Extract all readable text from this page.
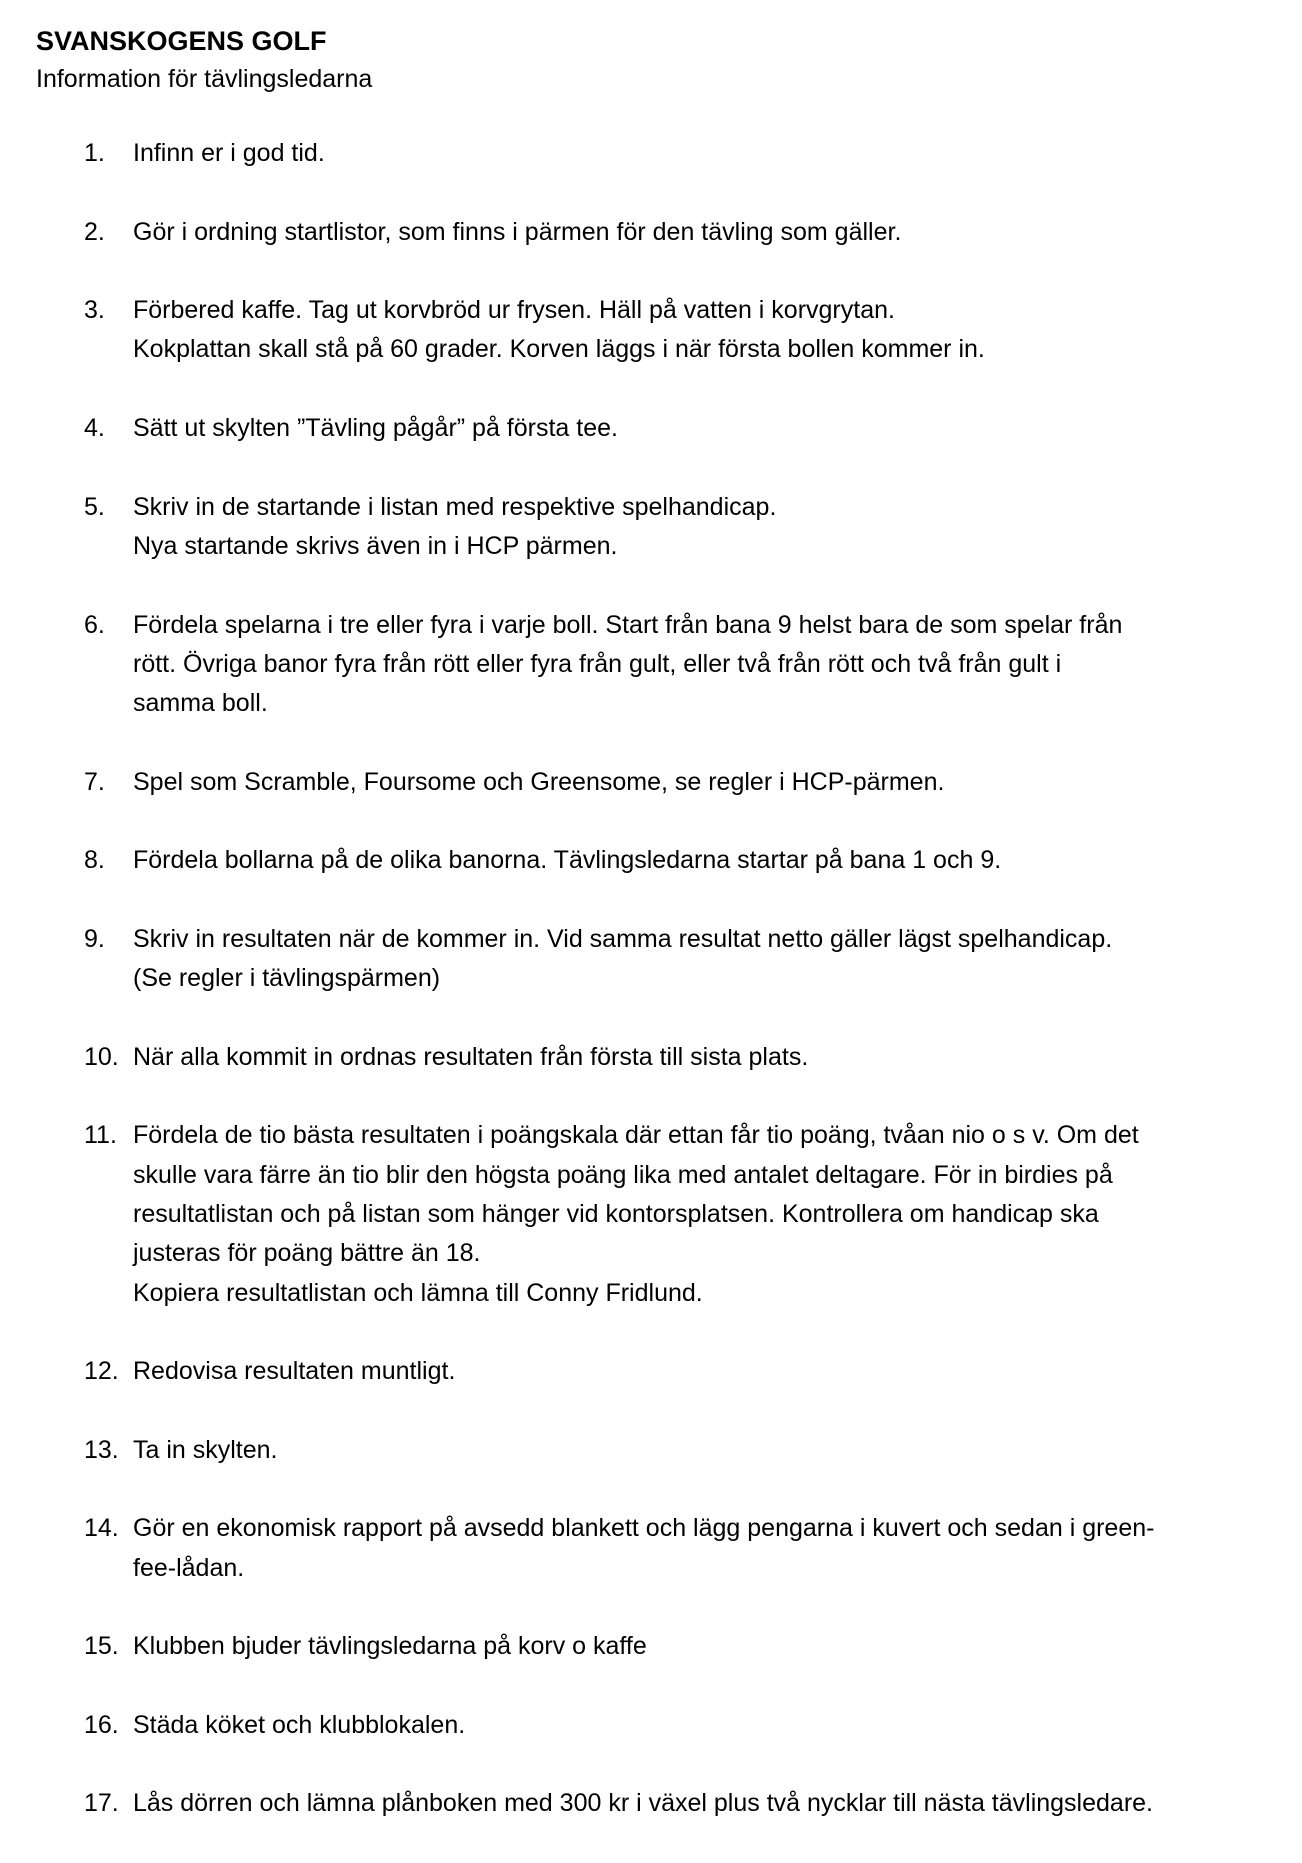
SVANSKOGENS GOLF

Information för tävlingsledarna

1. Infinn er i god tid.
2. Gör i ordning startlistor, som finns i pärmen för den tävling som gäller.
3. Förbered kaffe. Tag ut korvbröd ur frysen. Häll på vatten i korvgrytan.
Kokplattan skall stå på 60 grader. Korven läggs i när första bollen kommer in.
4. Sätt ut skylten ”Tävling pågår” på första tee.
5. Skriv in de startande i listan med respektive spelhandicap.
Nya startande skrivs även in i HCP pärmen.
6. Fördela spelarna i tre eller fyra i varje boll. Start från bana 9 helst bara de som spelar från
rött. Övriga banor fyra från rött eller fyra från gult, eller två från rött och två från gult i
samma boll.
7. Spel som Scramble, Foursome och Greensome, se regler i HCP-pärmen.
8. Fördela bollarna på de olika banorna. Tävlingsledarna startar på bana 1 och 9.
9. Skriv in resultaten när de kommer in. Vid samma resultat netto gäller lägst spelhandicap.
(Se regler i tävlingspärmen)
10. När alla kommit in ordnas resultaten från första till sista plats.
11. Fördela de tio bästa resultaten i poängskala där ettan får tio poäng, tvåan nio o s v. Om det
skulle vara färre än tio blir den högsta poäng lika med antalet deltagare. För in birdies på
resultatlistan och på listan som hänger vid kontorsplatsen. Kontrollera om handicap ska
justeras för poäng bättre än 18.
Kopiera resultatlistan och lämna till Conny Fridlund.
12. Redovisa resultaten muntligt.
13. Ta in skylten.
14. Gör en ekonomisk rapport på avsedd blankett och lägg pengarna i kuvert och sedan i green-
fee-lådan.
15. Klubben bjuder tävlingsledarna på korv o kaffe
16. Städa köket och klubblokalen.
17. Lås dörren och lämna plånboken med 300 kr i växel plus två nycklar till nästa tävlingsledare.
